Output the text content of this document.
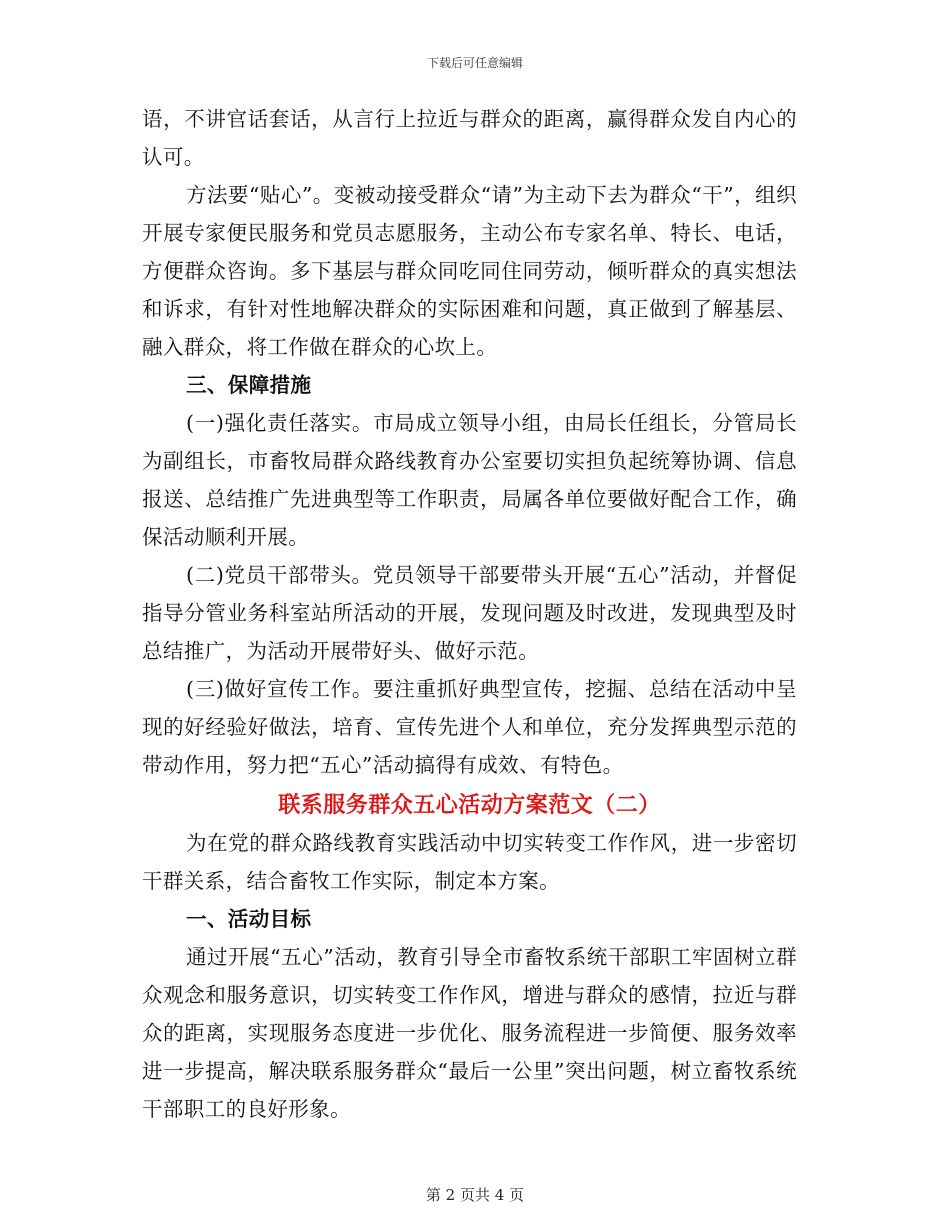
下载后可任意编辑

语，不讲官话套话，从言行上拉近与群众的距离，赢得群众发自内心的认可。

方法要“贴心”。变被动接受群众“请”为主动下去为群众“干”，组织开展专家便民服务和党员志愿服务，主动公布专家名单、特长、电话，方便群众咨询。多下基层与群众同吃同住同劳动，倾听群众的真实想法和诉求，有针对性地解决群众的实际困难和问题，真正做到了解基层、融入群众，将工作做在群众的心坎上。

三、保障措施

(一)强化责任落实。市局成立领导小组，由局长任组长，分管局长为副组长，市畜牧局群众路线教育办公室要切实担负起统筹协调、信息报送、总结推广先进典型等工作职责，局属各单位要做好配合工作，确保活动顺利开展。

(二)党员干部带头。党员领导干部要带头开展“五心”活动，并督促指导分管业务科室站所活动的开展，发现问题及时改进，发现典型及时总结推广，为活动开展带好头、做好示范。

(三)做好宣传工作。要注重抓好典型宣传，挖掘、总结在活动中呈现的好经验好做法，培育、宣传先进个人和单位，充分发挥典型示范的带动作用，努力把“五心”活动搞得有成效、有特色。

联系服务群众五心活动方案范文（二）

为在党的群众路线教育实践活动中切实转变工作作风，进一步密切干群关系，结合畜牧工作实际，制定本方案。

一、活动目标

通过开展“五心”活动，教育引导全市畜牧系统干部职工牢固树立群众观念和服务意识，切实转变工作作风，增进与群众的感情，拉近与群众的距离，实现服务态度进一步优化、服务流程进一步简便、服务效率进一步提高，解决联系服务群众“最后一公里”突出问题，树立畜牧系统干部职工的良好形象。

第 2 页共 4 页
